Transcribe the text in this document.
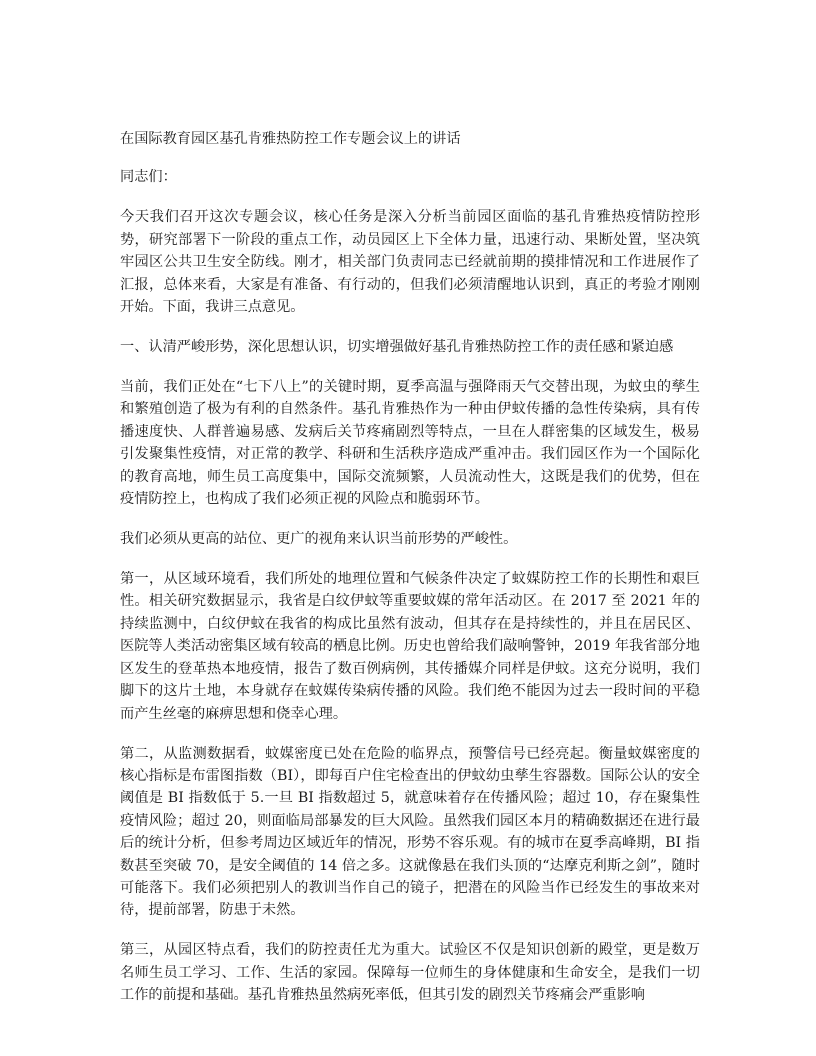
在国际教育园区基孔肯雅热防控工作专题会议上的讲话

同志们：

今天我们召开这次专题会议，核心任务是深入分析当前园区面临的基孔肯雅热疫情防控形势，研究部署下一阶段的重点工作，动员园区上下全体力量，迅速行动、果断处置，坚决筑牢园区公共卫生安全防线。刚才，相关部门负责同志已经就前期的摸排情况和工作进展作了汇报，总体来看，大家是有准备、有行动的，但我们必须清醒地认识到，真正的考验才刚刚开始。下面，我讲三点意见。

一、认清严峻形势，深化思想认识，切实增强做好基孔肯雅热防控工作的责任感和紧迫感

当前，我们正处在“七下八上”的关键时期，夏季高温与强降雨天气交替出现，为蚊虫的孳生和繁殖创造了极为有利的自然条件。基孔肯雅热作为一种由伊蚊传播的急性传染病，具有传播速度快、人群普遍易感、发病后关节疼痛剧烈等特点，一旦在人群密集的区域发生，极易引发聚集性疫情，对正常的教学、科研和生活秩序造成严重冲击。我们园区作为一个国际化的教育高地，师生员工高度集中，国际交流频繁，人员流动性大，这既是我们的优势，但在疫情防控上，也构成了我们必须正视的风险点和脆弱环节。

我们必须从更高的站位、更广的视角来认识当前形势的严峻性。

第一，从区域环境看，我们所处的地理位置和气候条件决定了蚊媒防控工作的长期性和艰巨性。相关研究数据显示，我省是白纹伊蚊等重要蚊媒的常年活动区。在 2017 至 2021 年的持续监测中，白纹伊蚊在我省的构成比虽然有波动，但其存在是持续性的，并且在居民区、医院等人类活动密集区域有较高的栖息比例。历史也曾给我们敲响警钟，2019 年我省部分地区发生的登革热本地疫情，报告了数百例病例，其传播媒介同样是伊蚊。这充分说明，我们脚下的这片土地，本身就存在蚊媒传染病传播的风险。我们绝不能因为过去一段时间的平稳而产生丝毫的麻痹思想和侥幸心理。

第二，从监测数据看，蚊媒密度已处在危险的临界点，预警信号已经亮起。衡量蚊媒密度的核心指标是布雷图指数（BI），即每百户住宅检查出的伊蚊幼虫孳生容器数。国际公认的安全阈值是 BI 指数低于 5.一旦 BI 指数超过 5，就意味着存在传播风险；超过 10，存在聚集性疫情风险；超过 20，则面临局部暴发的巨大风险。虽然我们园区本月的精确数据还在进行最后的统计分析，但参考周边区域近年的情况，形势不容乐观。有的城市在夏季高峰期，BI 指数甚至突破 70，是安全阈值的 14 倍之多。这就像悬在我们头顶的“达摩克利斯之剑”，随时可能落下。我们必须把别人的教训当作自己的镜子，把潜在的风险当作已经发生的事故来对待，提前部署，防患于未然。

第三，从园区特点看，我们的防控责任尤为重大。试验区不仅是知识创新的殿堂，更是数万名师生员工学习、工作、生活的家园。保障每一位师生的身体健康和生命安全，是我们一切工作的前提和基础。基孔肯雅热虽然病死率低，但其引发的剧烈关节疼痛会严重影响
